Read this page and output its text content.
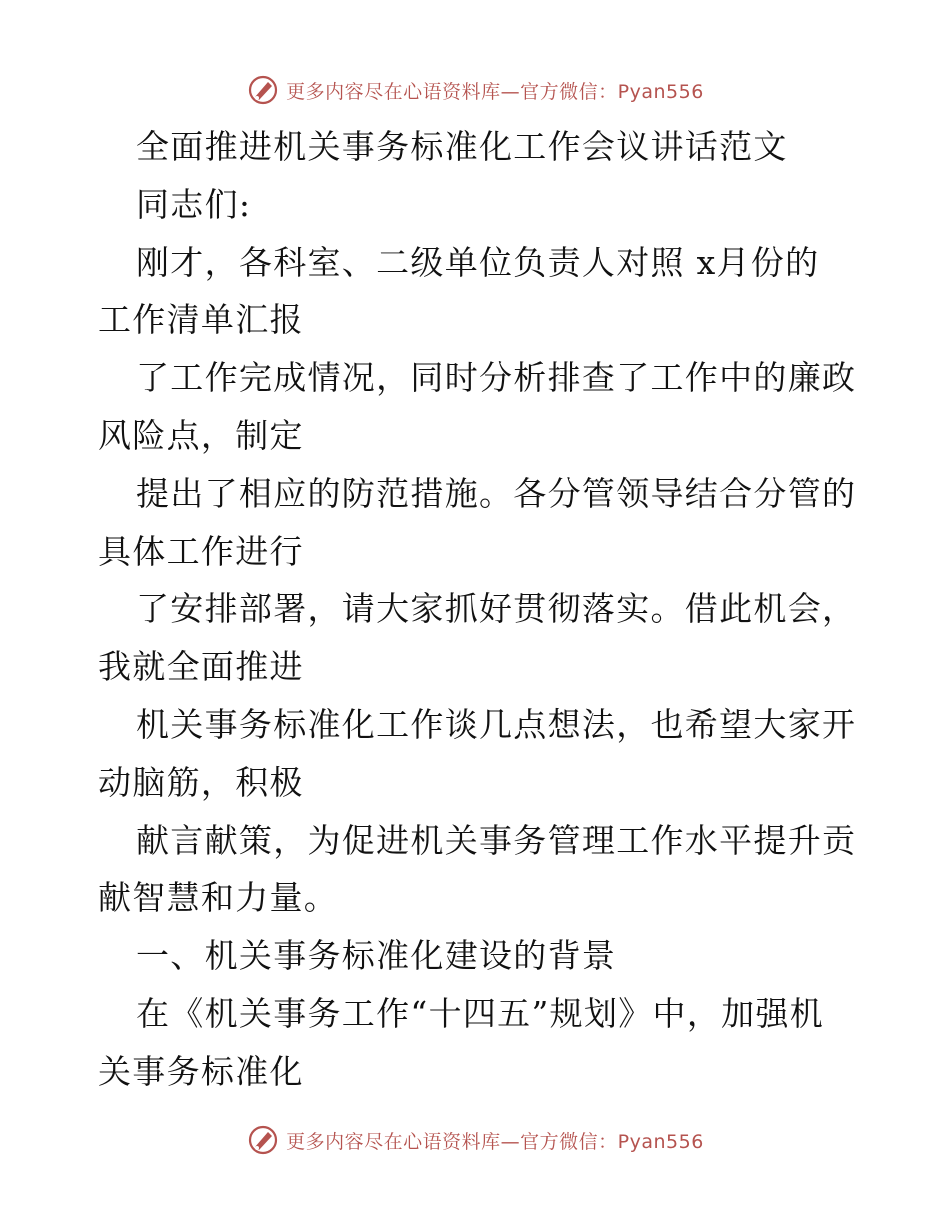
更多内容尽在心语资料库—官方微信：Pyan556
全面推进机关事务标准化工作会议讲话范文
同志们:
刚才，各科室、二级单位负责人对照 x月份的
工作清单汇报
了工作完成情况，同时分析排查了工作中的廉政
风险点，制定
提出了相应的防范措施。各分管领导结合分管的
具体工作进行
了安排部署，请大家抓好贯彻落实。借此机会，
我就全面推进
机关事务标准化工作谈几点想法，也希望大家开
动脑筋，积极
献言献策，为促进机关事务管理工作水平提升贡
献智慧和力量。
一、机关事务标准化建设的背景
在《机关事务工作“十四五”规划》中，加强机
关事务标准化
更多内容尽在心语资料库—官方微信：Pyan556
